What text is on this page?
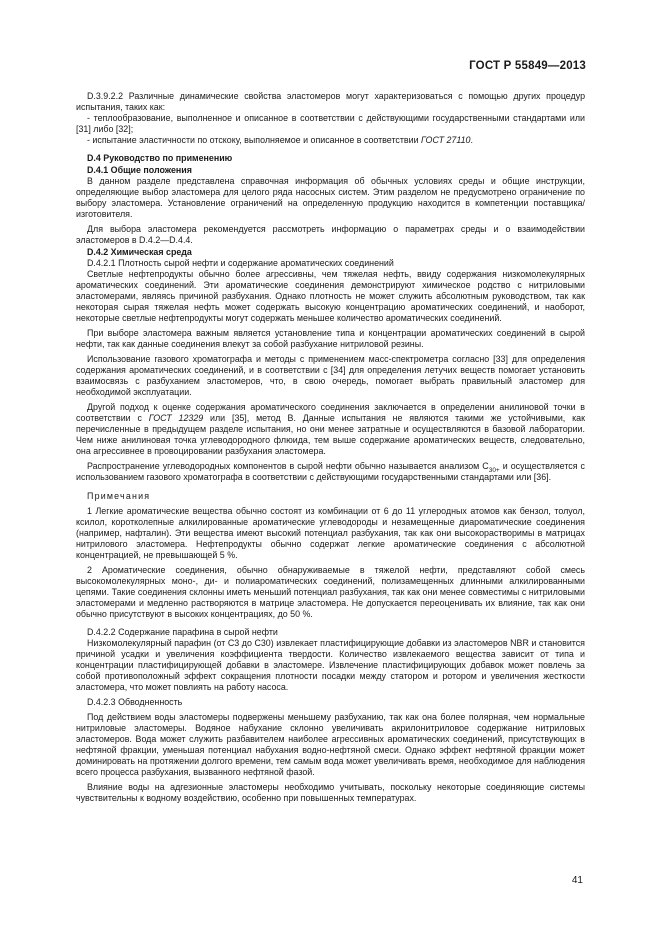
ГОСТ Р 55849—2013

D.3.9.2.2 Различные динамические свойства эластомеров могут характеризоваться с помощью других процедур испытания, таких как:

- теплообразование, выполненное и описанное в соответствии с действующими государственными стандартами или [31] либо [32];

- испытание эластичности по отскоку, выполняемое и описанное в соответствии ГОСТ 27110.

D.4 Руководство по применению

D.4.1 Общие положения

В данном разделе представлена справочная информация об обычных условиях среды и общие инструкции, определяющие выбор эластомера для целого ряда насосных систем. Этим разделом не предусмотрено ограничение по выбору эластомера. Установление ограничений на определенную продукцию находится в компетенции поставщика/изготовителя.

Для выбора эластомера рекомендуется рассмотреть информацию о параметрах среды и о взаимодействии эластомеров в D.4.2—D.4.4.

D.4.2 Химическая среда

D.4.2.1 Плотность сырой нефти и содержание ароматических соединений

Светлые нефтепродукты обычно более агрессивны, чем тяжелая нефть, ввиду содержания низкомолекулярных ароматических соединений. Эти ароматические соединения демонстрируют химическое родство с нитриловыми эластомерами, являясь причиной разбухания. Однако плотность не может служить абсолютным руководством, так как некоторая сырая тяжелая нефть может содержать высокую концентрацию ароматических соединений, и наоборот, некоторые светлые нефтепродукты могут содержать меньшее количество ароматических соединений.

При выборе эластомера важным является установление типа и концентрации ароматических соединений в сырой нефти, так как данные соединения влекут за собой разбухание нитриловой резины.

Использование газового хроматографа и методы с применением масс-спектрометра согласно [33] для определения содержания ароматических соединений, и в соответствии с [34] для определения летучих веществ помогает установить взаимосвязь с разбуханием эластомеров, что, в свою очередь, помогает выбрать правильный эластомер для необходимой эксплуатации.

Другой подход к оценке содержания ароматического соединения заключается в определении анилиновой точки в соответствии с ГОСТ 12329 или [35], метод В. Данные испытания не являются такими же устойчивыми, как перечисленные в предыдущем разделе испытания, но они менее затратные и осуществляются в базовой лаборатории. Чем ниже анилиновая точка углеводородного флюида, тем выше содержание ароматических веществ, следовательно, она агрессивнее в провоцировании разбухания эластомера.

Распространение углеводородных компонентов в сырой нефти обычно называется анализом $С_{30+}$ и осуществляется с использованием газового хроматографа в соответствии с действующими государственными стандартами или [36].

Примечания

1 Легкие ароматические вещества обычно состоят из комбинации от 6 до 11 углеродных атомов как бензол, толуол, ксилол, коротколепные алкилированные ароматические углеводороды и незамещенные диароматические соединения (например, нафталин). Эти вещества имеют высокий потенциал разбухания, так как они высокорастворимы в матрицах нитрилового эластомера. Нефтепродукты обычно содержат легкие ароматические соединения с абсолютной концентрацией, не превышающей 5 %.

2 Ароматические соединения, обычно обнаруживаемые в тяжелой нефти, представляют собой смесь высокомолекулярных моно-, ди- и полиароматических соединений, полизамещенных длинными алкилированными цепями. Такие соединения склонны иметь меньший потенциал разбухания, так как они менее совместимы с нитриловыми эластомерами и медленно растворяются в матрице эластомера. Не допускается переоценивать их влияние, так как они обычно присутствуют в высоких концентрациях, до 50 %.

D.4.2.2 Содержание парафина в сырой нефти

Низкомолекулярный парафин (от С3 до С30) извлекает пластифицирующие добавки из эластомеров NBR и становится причиной усадки и увеличения коэффициента твердости. Количество извлекаемого вещества зависит от типа и концентрации пластифицирующей добавки в эластомере. Извлечение пластифицирующих добавок может повлечь за собой противоположный эффект сокращения плотности посадки между статором и ротором и увеличения жесткости эластомера, что может повлиять на работу насоса.

D.4.2.3 Обводненность

Под действием воды эластомеры подвержены меньшему разбуханию, так как она более полярная, чем нормальные нитриловые эластомеры. Водяное набухание склонно увеличивать акрилонитриловое содержание нитриловых эластомеров. Вода может служить разбавителем наиболее агрессивных ароматических соединений, присутствующих в нефтяной фракции, уменьшая потенциал набухания водно-нефтяной смеси. Однако эффект нефтяной фракции может доминировать на протяжении долгого времени, тем самым вода может увеличивать время, необходимое для наблюдения всего процесса разбухания, вызванного нефтяной фазой.

Влияние воды на адгезионные эластомеры необходимо учитывать, поскольку некоторые соединяющие системы чувствительны к водному воздействию, особенно при повышенных температурах.

41
